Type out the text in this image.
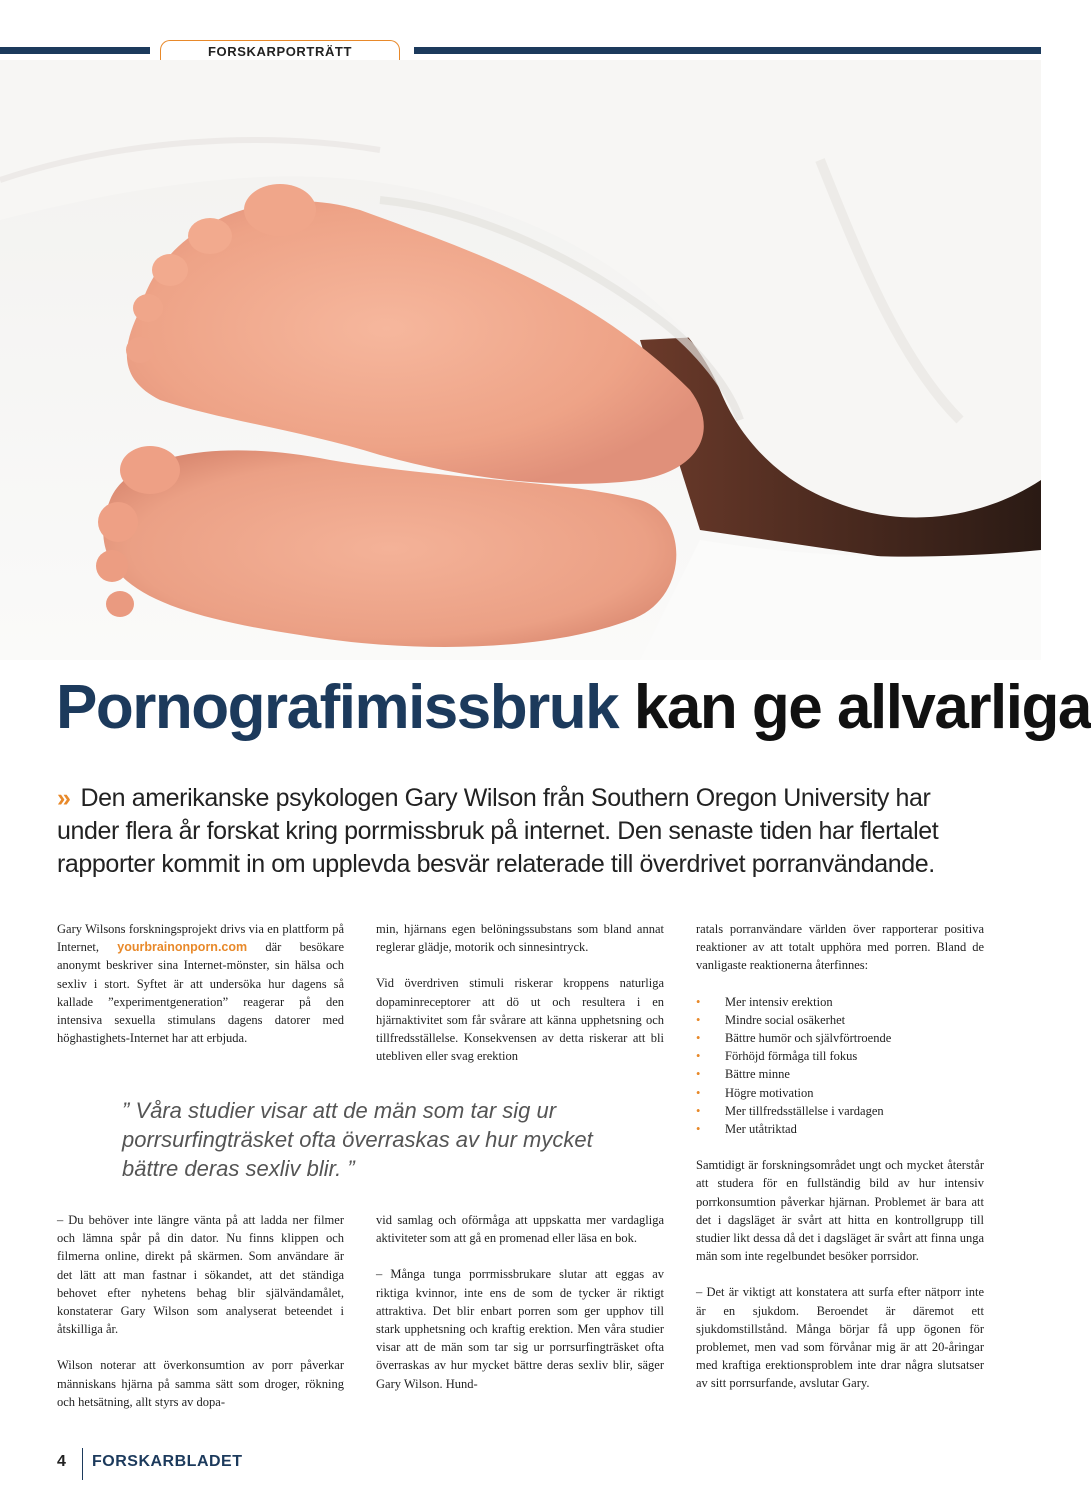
FORSKARPORTRÄTT
Pornografimissbruk kan ge allvarliga
» Den amerikanske psykologen Gary Wilson från Southern Oregon University har under flera år forskat kring porrmissbruk på internet. Den senaste tiden har flertalet rapporter kommit in om upplevda besvär relaterade till överdrivet porranvändande.

Gary Wilsons forskningsprojekt drivs via en plattform på Internet, yourbrainonporn.com där besökare anonymt beskriver sina Internet-mönster, sin hälsa och sexliv i stort. Syftet är att undersöka hur dagens så kallade ”experimentgeneration” reagerar på den intensiva sexuella stimulans dagens datorer med höghastighets-Internet har att erbjuda.

min, hjärnans egen belöningssubstans som bland annat reglerar glädje, motorik och sinnesintryck.

Vid överdriven stimuli riskerar kroppens naturliga dopaminreceptorer att dö ut och resultera i en hjärnaktivitet som får svårare att känna upphetsning och tillfredsställelse. Konsekvensen av detta riskerar att bli utebliven eller svag erektion

” Våra studier visar att de män som tar sig ur porrsurfingträsket ofta överraskas av hur mycket bättre deras sexliv blir. ”

– Du behöver inte längre vänta på att ladda ner filmer och lämna spår på din dator. Nu finns klippen och filmerna online, direkt på skärmen. Som användare är det lätt att man fastnar i sökandet, att det ständiga behovet efter nyhetens behag blir självändamålet, konstaterar Gary Wilson som analyserat beteendet i åtskilliga år.

Wilson noterar att överkonsumtion av porr påverkar människans hjärna på samma sätt som droger, rökning och hetsätning, allt styrs av dopa-

vid samlag och oförmåga att uppskatta mer vardagliga aktiviteter som att gå en promenad eller läsa en bok.

– Många tunga porrmissbrukare slutar att eggas av riktiga kvinnor, inte ens de som de tycker är riktigt attraktiva. Det blir enbart porren som ger upphov till stark upphetsning och kraftig erektion. Men våra studier visar att de män som tar sig ur porrsurfingträsket ofta överraskas av hur mycket bättre deras sexliv blir, säger Gary Wilson. Hund-

ratals porranvändare världen över rapporterar positiva reaktioner av att totalt upphöra med porren. Bland de vanligaste reaktionerna återfinnes:

• Mer intensiv erektion
• Mindre social osäkerhet
• Bättre humör och självförtroende
• Förhöjd förmåga till fokus
• Bättre minne
• Högre motivation
• Mer tillfredsställelse i vardagen
• Mer utåtriktad

Samtidigt är forskningsområdet ungt och mycket återstår att studera för en fullständig bild av hur intensiv porrkonsumtion påverkar hjärnan. Problemet är bara att det i dagsläget är svårt att hitta en kontrollgrupp till studier likt dessa då det i dagsläget är svårt att finna unga män som inte regelbundet besöker porrsidor.

– Det är viktigt att konstatera att surfa efter nätporr inte är en sjukdom. Beroendet är däremot ett sjukdomstillstånd. Många börjar få upp ögonen för problemet, men vad som förvånar mig är att 20-åringar med kraftiga erektionsproblem inte drar några slutsatser av sitt porrsurfande, avslutar Gary.

4 FORSKARBLADET
